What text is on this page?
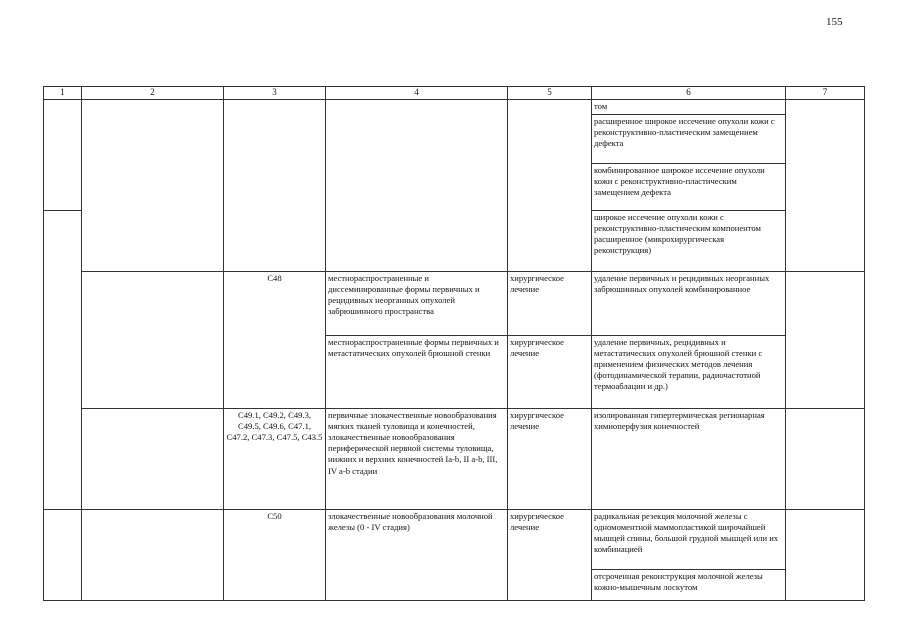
155
1	2	3	4	5	6	7
					том	
					расширенное широкое иссечение опухоли кожи с реконструктивно-пластическим замещением дефекта	
					комбинированное широкое иссечение опухоли кожи с реконструктивно-пластическим замещением дефекта	
					широкое иссечение опухоли кожи с реконструктивно-пластическим компонентом расширенное (микрохирургическая реконструкция)	
		C48	местнораспространенные и диссеминированные формы первичных и рецидивных неорганных опухолей забрюшинного пространства	хирургическое лечение	удаление первичных и рецидивных неорганных забрюшинных опухолей комбинированное	
			местнораспространенные формы первичных и метастатических опухолей брюшной стенки	хирургическое лечение	удаление первичных, рецидивных и метастатических опухолей брюшной стенки с применением физических методов лечения (фотодинамической терапии, радиочастотной термоаблации и др.)	
		C49.1, C49.2, C49.3, C49.5, C49.6, C47.1, C47.2, C47.3, C47.5, C43.5	первичные злокачественные новообразования мягких тканей туловища и конечностей, злокачественные новообразования периферической нервной системы туловища, нижних и верхних конечностей Ia-b, II a-b, III, IV a-b стадии	хирургическое лечение	изолированная гипертермическая регионарная химиоперфузия конечностей	
		C50	злокачественные новообразования молочной железы (0 - IV стадия)	хирургическое лечение	радикальная резекция молочной железы с одномоментной маммопластикой широчайшей мышцей спины, большой грудной мышцей или их комбинацией	
					отсроченная реконструкция молочной железы кожно-мышечным лоскутом	
